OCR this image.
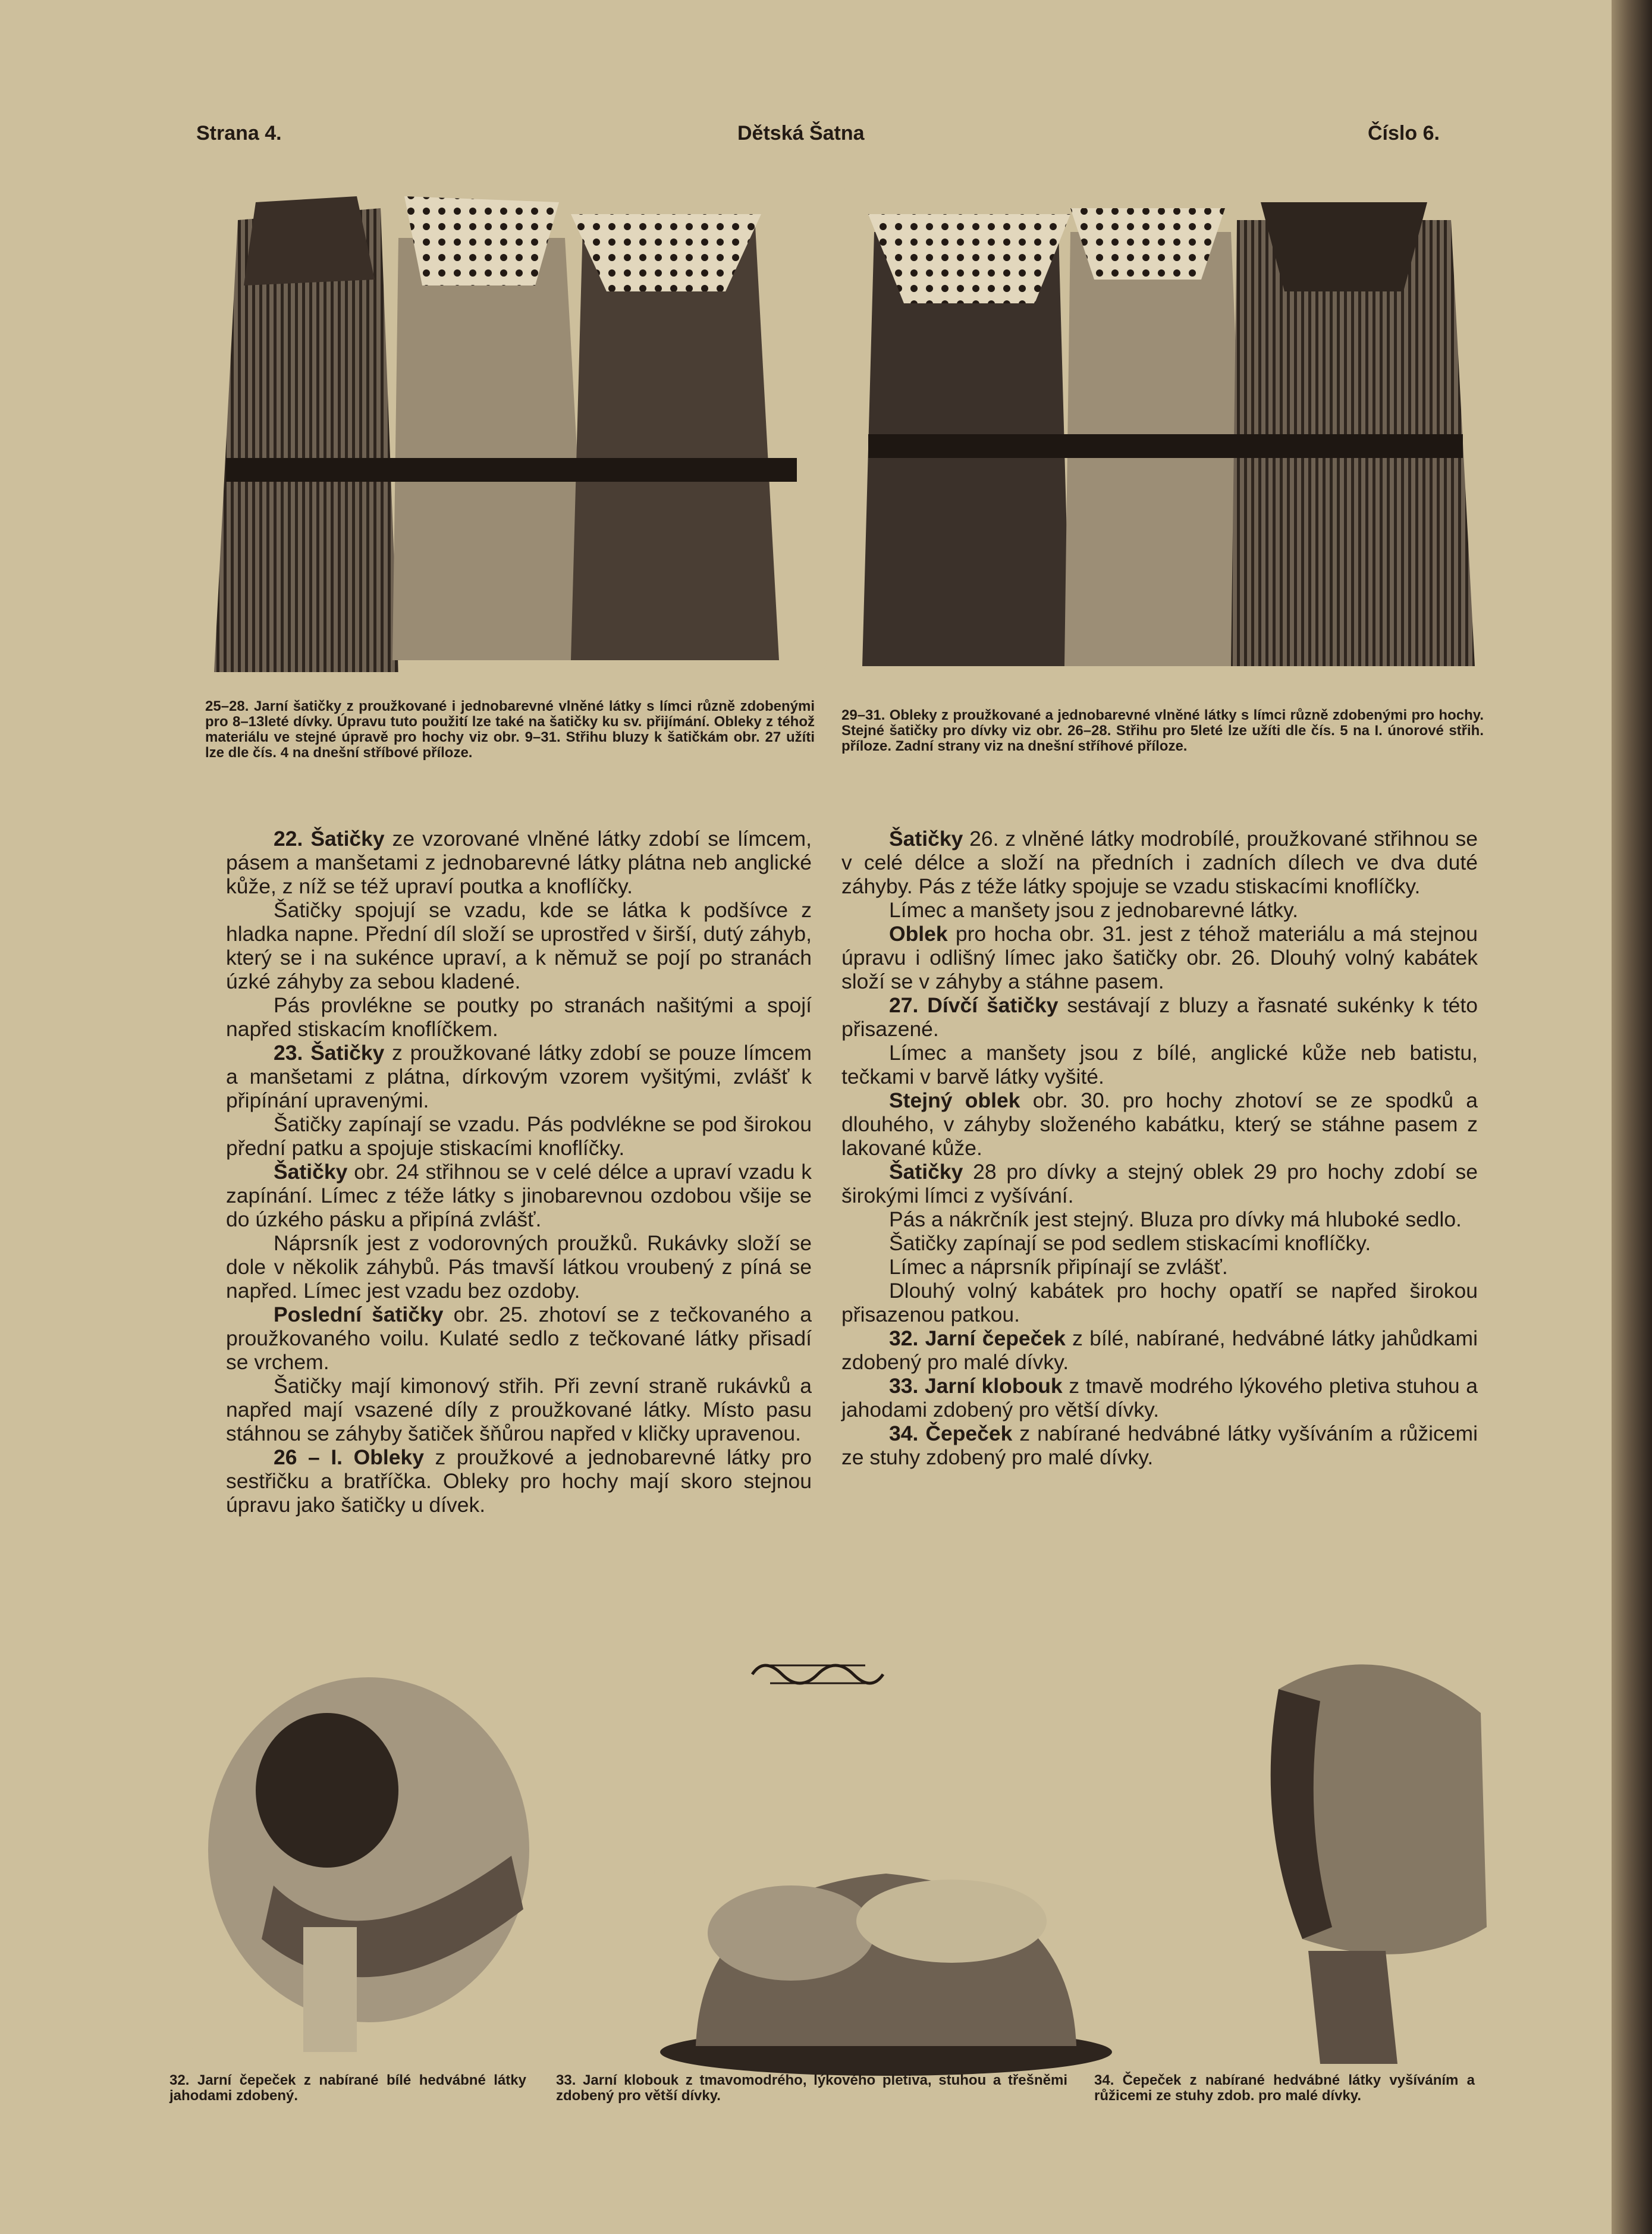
Strana 4.	Dětská Šatna	Číslo 6.
25–28. Jarní šatičky z proužkované i jednobarevné vlněné látky s límci různě zdobenými pro 8–13leté dívky. Úpravu tuto použití lze také na šatičky ku sv. přijímání. Obleky z téhož materiálu ve stejné úpravě pro hochy viz obr. 9–31. Střihu bluzy k šatičkám obr. 27 užíti lze dle čís. 4 na dnešní stříbové příloze.
29–31. Obleky z proužkované a jednobarevné vlněné látky s límci různě zdobenými pro hochy. Stejné šatičky pro dívky viz obr. 26–28. Střihu pro 5leté lze užíti dle čís. 5 na I. únorové střih. příloze. Zadní strany viz na dnešní stříhové příloze.

22. Šatičky ze vzorované vlněné látky zdobí se límcem, pásem a manšetami z jednobarevné látky plátna neb anglické kůže, z níž se též upraví poutka a knoflíčky.

Šatičky spojují se vzadu, kde se látka k podšívce z hladka napne. Přední díl složí se uprostřed v širší, dutý záhyb, který se i na sukénce upraví, a k němuž se pojí po stranách úzké záhyby za sebou kladené.

Pás provlékne se poutky po stranách našitými a spojí napřed stiskacím knoflíčkem.

23. Šatičky z proužkované látky zdobí se pouze límcem a manšetami z plátna, dírkovým vzorem vyšitými, zvlášť k připínání upravenými.

Šatičky zapínají se vzadu. Pás podvlékne se pod širokou přední patku a spojuje stiskacími knoflíčky.

Šatičky obr. 24 střihnou se v celé délce a upraví vzadu k zapínání. Límec z téže látky s jinobarevnou ozdobou všije se do úzkého pásku a připíná zvlášť.

Náprsník jest z vodorovných proužků. Rukávky složí se dole v několik záhybů. Pás tmavší látkou vroubený z píná se napřed. Límec jest vzadu bez ozdoby.

Poslední šatičky obr. 25. zhotoví se z tečkovaného a proužkovaného voilu. Kulaté sedlo z tečkované látky přisadí se vrchem.

Šatičky mají kimonový střih. Při zevní straně rukávků a napřed mají vsazené díly z proužkované látky. Místo pasu stáhnou se záhyby šatiček šňůrou napřed v kličky upravenou.

26 – I. Obleky z proužkové a jednobarevné látky pro sestřičku a bratříčka. Obleky pro hochy mají skoro stejnou úpravu jako šatičky u dívek.

Šatičky 26. z vlněné látky modrobílé, proužkované střihnou se v celé délce a složí na předních i zadních dílech ve dva duté záhyby. Pás z téže látky spojuje se vzadu stiskacími knoflíčky.

Límec a manšety jsou z jednobarevné látky.

Oblek pro hocha obr. 31. jest z téhož materiálu a má stejnou úpravu i odlišný límec jako šatičky obr. 26. Dlouhý volný kabátek složí se v záhyby a stáhne pasem.

27. Dívčí šatičky sestávají z bluzy a řasnaté sukénky k této přisazené.

Límec a manšety jsou z bílé, anglické kůže neb batistu, tečkami v barvě látky vyšité.

Stejný oblek obr. 30. pro hochy zhotoví se ze spodků a dlouhého, v záhyby složeného kabátku, který se stáhne pasem z lakované kůže.

Šatičky 28 pro dívky a stejný oblek 29 pro hochy zdobí se širokými límci z vyšívání.

Pás a nákrčník jest stejný. Bluza pro dívky má hluboké sedlo.

Šatičky zapínají se pod sedlem stiskacími knoflíčky.

Límec a náprsník připínají se zvlášť.

Dlouhý volný kabátek pro hochy opatří se napřed širokou přisazenou patkou.

32. Jarní čepeček z bílé, nabírané, hedvábné látky jahůdkami zdobený pro malé dívky.

33. Jarní klobouk z tmavě modrého lýkového pletiva stuhou a jahodami zdobený pro větší dívky.

34. Čepeček z nabírané hedvábné látky vyšíváním a růžicemi ze stuhy zdobený pro malé dívky.

32. Jarní čepeček z nabírané bílé hedvábné látky jahodami zdobený.
33. Jarní klobouk z tmavomodrého, lýkového pletiva, stuhou a třešněmi zdobený pro větší dívky.
34. Čepeček z nabírané hedvábné látky vyšíváním a růžicemi ze stuhy zdob. pro malé dívky.
